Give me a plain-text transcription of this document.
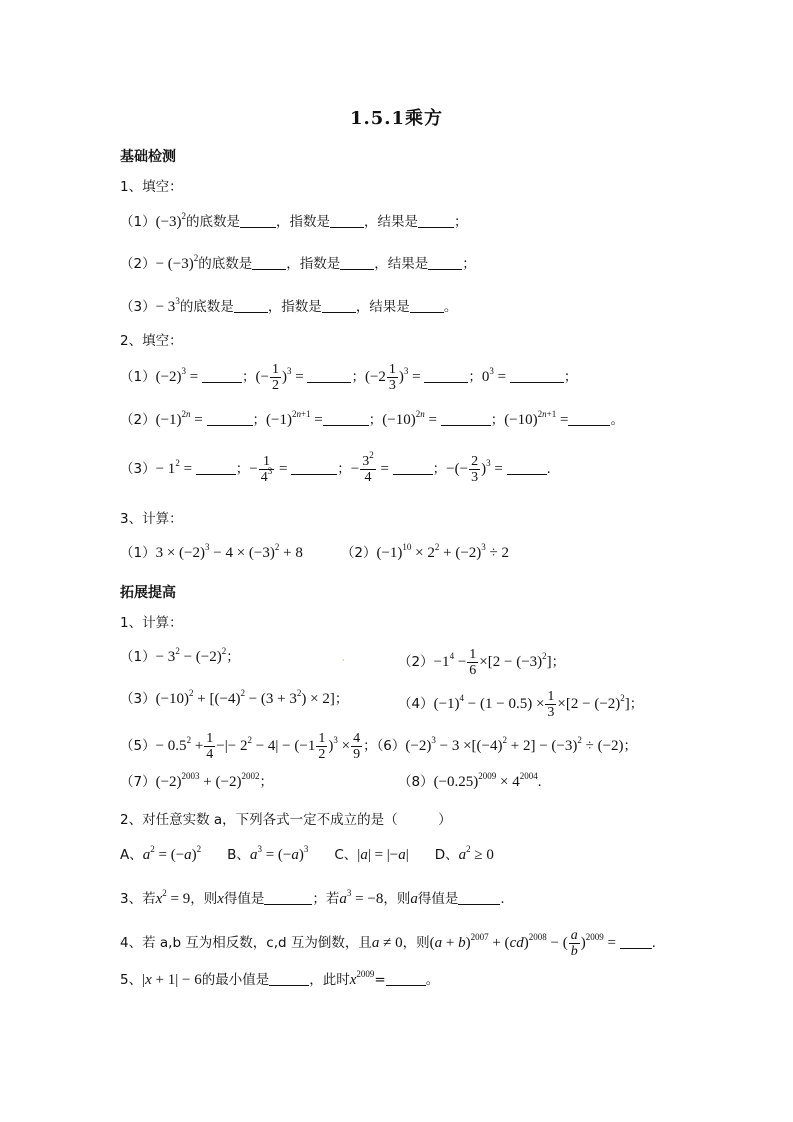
1.5.1乘方
基础检测
1、填空：
$(1)(-3)^2$的底数是	，指数是	，结果是	；
$(2)- (-3)^2$的底数是	，指数是	，结果是	；
$(3)- 3^3$的底数是	，指数是	，结果是	。
2、填空：
$(1)(-2)^3$ =	；(− $\frac{1}{2} )^3$ =	；$(-2 \frac{1}{3} )^3$ =	；$0^3$ =	；
$(2)(-1)^{2n}$ =	；$(-1)^{2n+1}$ =	；$(-10)^{2n}$ =	；$(-10)^{2n+1}$ =	。
$(3)- 1^2$ =	；− $\frac{1}{4^3}$ =	；− $\frac{3^2}{4}$ =	；−(− $\frac{2}{3} )^3$ =	.
3、计算：
$(1)3 \times (-2)^3 - 4 \times (-3)^2 + 8$	$(2)(-1)^{10} \times 2^2 + (-2)^3 \div 2$
拓展提高
1、计算：
$(1)- 3^2 - (-2)^2$；	·	$(2)-1^4 - \frac{1}{6} \times[2 - (-3)^2]$；
$(3)(-10)^2 + [(-4)^2 - (3 + 3^2) \times 2]$；	$(4)(-1)^4 - (1 - 0.5) \times \frac{1}{3} \times[2 - (-2)^2]$；
$(5)- 0.5^2 + \frac{1}{4}$ −|− $2^2 - 4| - (-1 \frac{1}{2} )^3 \times \frac{4}{9}$ ；$(6)(-2)^3 - 3 \times[(-4)^2 + 2] - (-3)^2 \div (-2)$；
$(7)(-2)^{2003} + (-2)^{2002}$；	$(8)(-0.25)^{2009} \times 4^{2004}$.
2、对任意实数 a，下列各式一定不成立的是（　　　）
A、$a^2 = (-a)^2$ B、$a^3 = (-a)^3$ C、|a| = |−a| D、$a^2 \ge 0$
3、若$x^2 = 9$，则x得值是	；若$a^3 = -8$，则a得值是	.
4、若 a,b 互为相反数，c,d 互为倒数，且a ≠ 0，则$(a + b)^{2007} + (cd)^{2008}$ − ( $\frac{a}{b} )^{2009}$ = .
5、|x + 1| − 6的最小值是	，此时$x^{2009}=$	。
